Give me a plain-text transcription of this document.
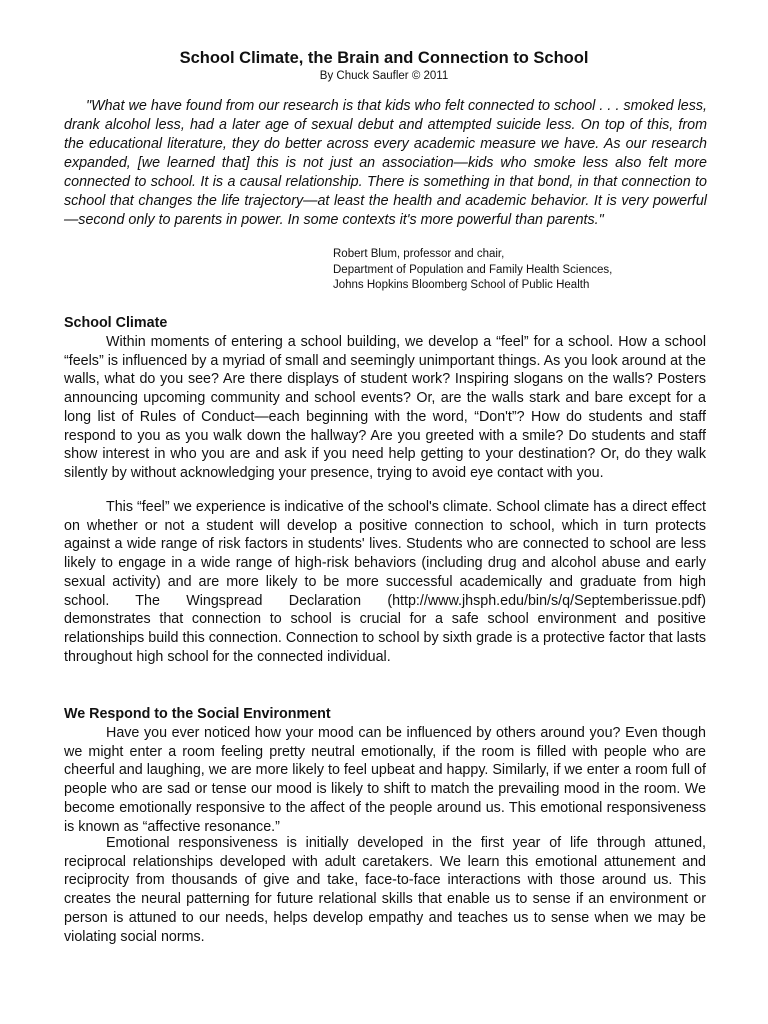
School Climate, the Brain and Connection to School
By Chuck Saufler © 2011

"What we have found from our research is that kids who felt connected to school . . . smoked less, drank alcohol less, had a later age of sexual debut and attempted suicide less. On top of this, from the educational literature, they do better across every academic measure we have. As our research expanded, [we learned that] this is not just an association—kids who smoke less also felt more connected to school. It is a causal relationship. There is something in that bond, in that connection to school that changes the life trajectory—at least the health and academic behavior. It is very powerful—second only to parents in power. In some contexts it's more powerful than parents."

Robert Blum, professor and chair,
Department of Population and Family Health Sciences,
Johns Hopkins Bloomberg School of Public Health
School Climate

Within moments of entering a school building, we develop a “feel” for a school. How a school “feels” is influenced by a myriad of small and seemingly unimportant things. As you look around at the walls, what do you see? Are there displays of student work? Inspiring slogans on the walls? Posters announcing upcoming community and school events? Or, are the walls stark and bare except for a long list of Rules of Conduct—each beginning with the word, “Don't”? How do students and staff respond to you as you walk down the hallway? Are you greeted with a smile? Do students and staff show interest in who you are and ask if you need help getting to your destination? Or, do they walk silently by without acknowledging your presence, trying to avoid eye contact with you.

This “feel” we experience is indicative of the school's climate. School climate has a direct effect on whether or not a student will develop a positive connection to school, which in turn protects against a wide range of risk factors in students' lives. Students who are connected to school are less likely to engage in a wide range of high-risk behaviors (including drug and alcohol abuse and early sexual activity) and are more likely to be more successful academically and graduate from high school. The Wingspread Declaration (http://www.jhsph.edu/bin/s/q/Septemberissue.pdf) demonstrates that connection to school is crucial for a safe school environment and positive relationships build this connection. Connection to school by sixth grade is a protective factor that lasts throughout high school for the connected individual.

We Respond to the Social Environment

Have you ever noticed how your mood can be influenced by others around you? Even though we might enter a room feeling pretty neutral emotionally, if the room is filled with people who are cheerful and laughing, we are more likely to feel upbeat and happy. Similarly, if we enter a room full of people who are sad or tense our mood is likely to shift to match the prevailing mood in the room. We become emotionally responsive to the affect of the people around us. This emotional responsiveness is known as “affective resonance.”

Emotional responsiveness is initially developed in the first year of life through attuned, reciprocal relationships developed with adult caretakers. We learn this emotional attunement and reciprocity from thousands of give and take, face-to-face interactions with those around us. This creates the neural patterning for future relational skills that enable us to sense if an environment or person is attuned to our needs, helps develop empathy and teaches us to sense when we may be violating social norms.
